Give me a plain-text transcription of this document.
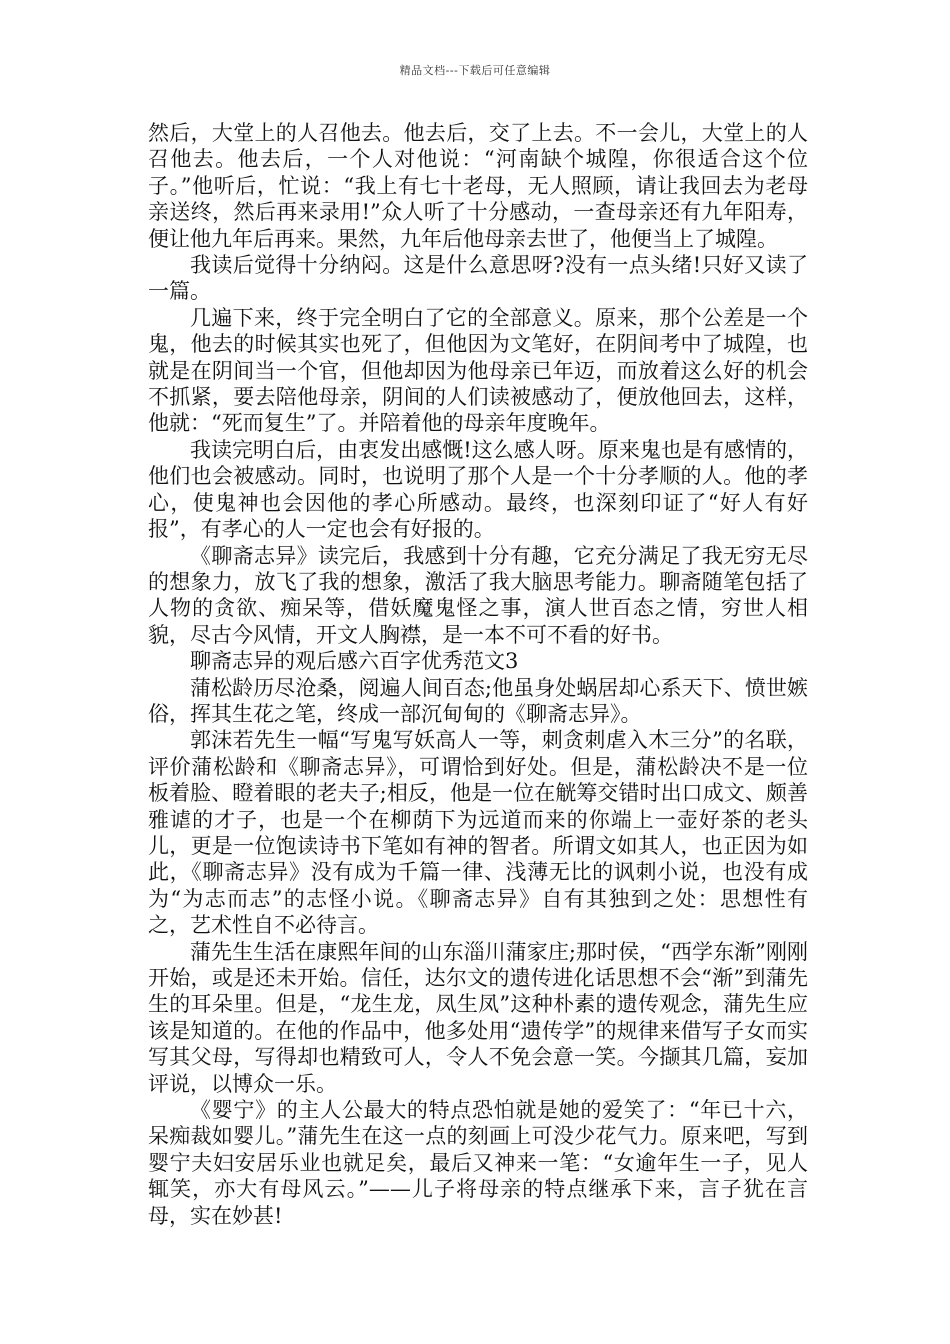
精品文档---下载后可任意编辑

然后，大堂上的人召他去。他去后，交了上去。不一会儿，大堂上的人召他去。他去后，一个人对他说：“河南缺个城隍，你很适合这个位子。”他听后，忙说：“我上有七十老母，无人照顾，请让我回去为老母亲送终，然后再来录用!”众人听了十分感动，一查母亲还有九年阳寿，便让他九年后再来。果然，九年后他母亲去世了，他便当上了城隍。

我读后觉得十分纳闷。这是什么意思呀?没有一点头绪!只好又读了一篇。

几遍下来，终于完全明白了它的全部意义。原来，那个公差是一个鬼，他去的时候其实也死了，但他因为文笔好，在阴间考中了城隍，也就是在阴间当一个官，但他却因为他母亲已年迈，而放着这么好的机会不抓紧，要去陪他母亲，阴间的人们读被感动了，便放他回去，这样，他就：“死而复生”了。并陪着他的母亲年度晚年。

我读完明白后，由衷发出感慨!这么感人呀。原来鬼也是有感情的，他们也会被感动。同时，也说明了那个人是一个十分孝顺的人。他的孝心，使鬼神也会因他的孝心所感动。最终，也深刻印证了“好人有好报”，有孝心的人一定也会有好报的。

《聊斋志异》读完后，我感到十分有趣，它充分满足了我无穷无尽的想象力，放飞了我的想象，激活了我大脑思考能力。聊斋随笔包括了人物的贪欲、痴呆等，借妖魔鬼怪之事，演人世百态之情，穷世人相貌，尽古今风情，开文人胸襟，是一本不可不看的好书。

聊斋志异的观后感六百字优秀范文3

蒲松龄历尽沧桑，阅遍人间百态;他虽身处蜗居却心系天下、愤世嫉俗，挥其生花之笔，终成一部沉甸甸的《聊斋志异》。

郭沫若先生一幅“写鬼写妖高人一等，刺贪刺虐入木三分”的名联，评价蒲松龄和《聊斋志异》，可谓恰到好处。但是，蒲松龄决不是一位板着脸、瞪着眼的老夫子;相反，他是一位在觥筹交错时出口成文、颇善雅谑的才子，也是一个在柳荫下为远道而来的你端上一壶好茶的老头儿，更是一位饱读诗书下笔如有神的智者。所谓文如其人，也正因为如此，《聊斋志异》没有成为千篇一律、浅薄无比的讽刺小说，也没有成为“为志而志”的志怪小说。《聊斋志异》自有其独到之处：思想性有之，艺术性自不必待言。

蒲先生生活在康熙年间的山东淄川蒲家庄;那时侯，“西学东渐”刚刚开始，或是还未开始。信任，达尔文的遗传进化话思想不会“渐”到蒲先生的耳朵里。但是，“龙生龙，凤生凤”这种朴素的遗传观念，蒲先生应该是知道的。在他的作品中，他多处用“遗传学”的规律来借写子女而实写其父母，写得却也精致可人，令人不免会意一笑。今撷其几篇，妄加评说，以博众一乐。

《婴宁》的主人公最大的特点恐怕就是她的爱笑了：“年已十六，呆痴裁如婴儿。”蒲先生在这一点的刻画上可没少花气力。原来吧，写到婴宁夫妇安居乐业也就足矣，最后又神来一笔：“女逾年生一子，见人辄笑，亦大有母风云。”——儿子将母亲的特点继承下来，言子犹在言母，实在妙甚!
